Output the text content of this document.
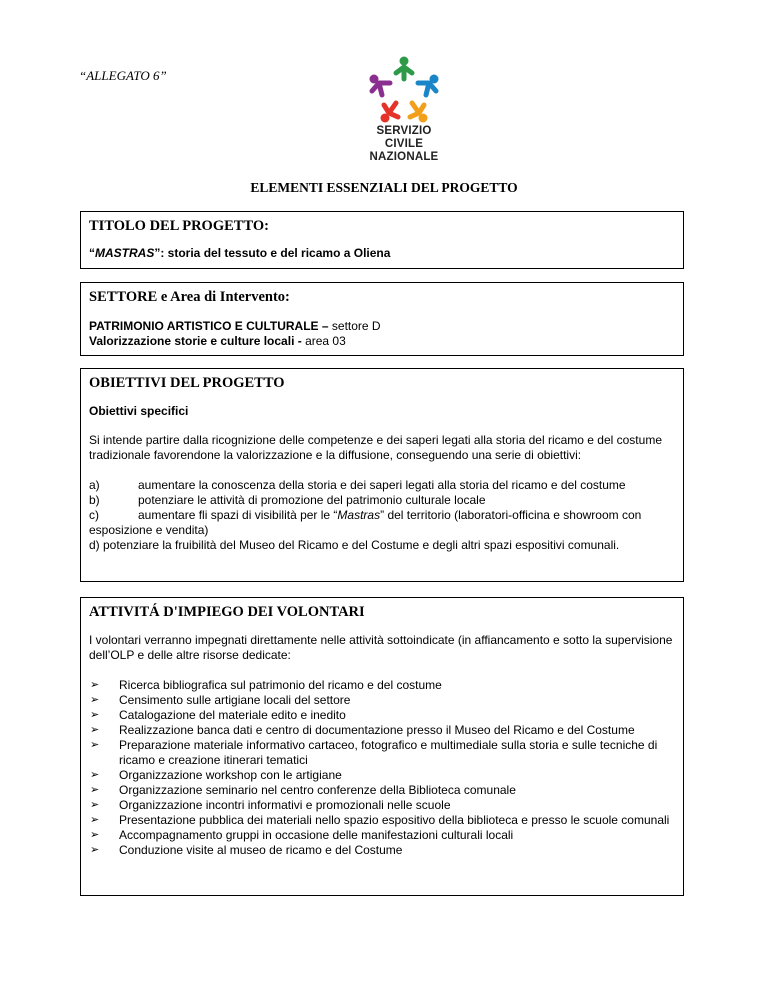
“ALLEGATO 6”
SERVIZIO CIVILE
NAZIONALE
ELEMENTI ESSENZIALI DEL PROGETTO
TITOLO DEL PROGETTO:
“MASTRAS”: storia del tessuto e del ricamo a Oliena
SETTORE e Area di Intervento:
PATRIMONIO ARTISTICO E CULTURALE – settore D
Valorizzazione storie e culture locali - area 03
OBIETTIVI DEL PROGETTO
Obiettivi specifici
Si intende partire dalla ricognizione delle competenze e dei saperi legati alla storia del ricamo e del costume tradizionale favorendone la valorizzazione e la diffusione, conseguendo una serie di obiettivi:
a)	aumentare la conoscenza della storia e dei saperi legati alla storia del ricamo e del costume
b)	potenziare le attività di promozione del patrimonio culturale locale
c)	aumentare fli spazi di visibilità per le “Mastras” del territorio (laboratori-officina e showroom con
esposizione e vendita)
d) potenziare la fruibilità del Museo del Ricamo e del Costume e degli altri spazi espositivi comunali.
ATTIVITÁ D'IMPIEGO DEI VOLONTARI
I volontari verranno impegnati direttamente nelle attività sottoindicate (in affiancamento e sotto la supervisione dell’OLP e delle altre risorse dedicate:
➢ Ricerca bibliografica sul patrimonio del ricamo e del costume
➢ Censimento sulle artigiane locali del settore
➢ Catalogazione del materiale edito e inedito
➢ Realizzazione banca dati e centro di documentazione presso il Museo del Ricamo e del Costume
➢ Preparazione materiale informativo cartaceo, fotografico e multimediale sulla storia e sulle tecniche di ricamo e creazione itinerari tematici
➢ Organizzazione workshop con le artigiane
➢ Organizzazione seminario nel centro conferenze della Biblioteca comunale
➢ Organizzazione incontri informativi e promozionali nelle scuole
➢ Presentazione pubblica dei materiali nello spazio espositivo della biblioteca e presso le scuole comunali
➢ Accompagnamento gruppi in occasione delle manifestazioni culturali locali
➢ Conduzione visite al museo de ricamo e del Costume
